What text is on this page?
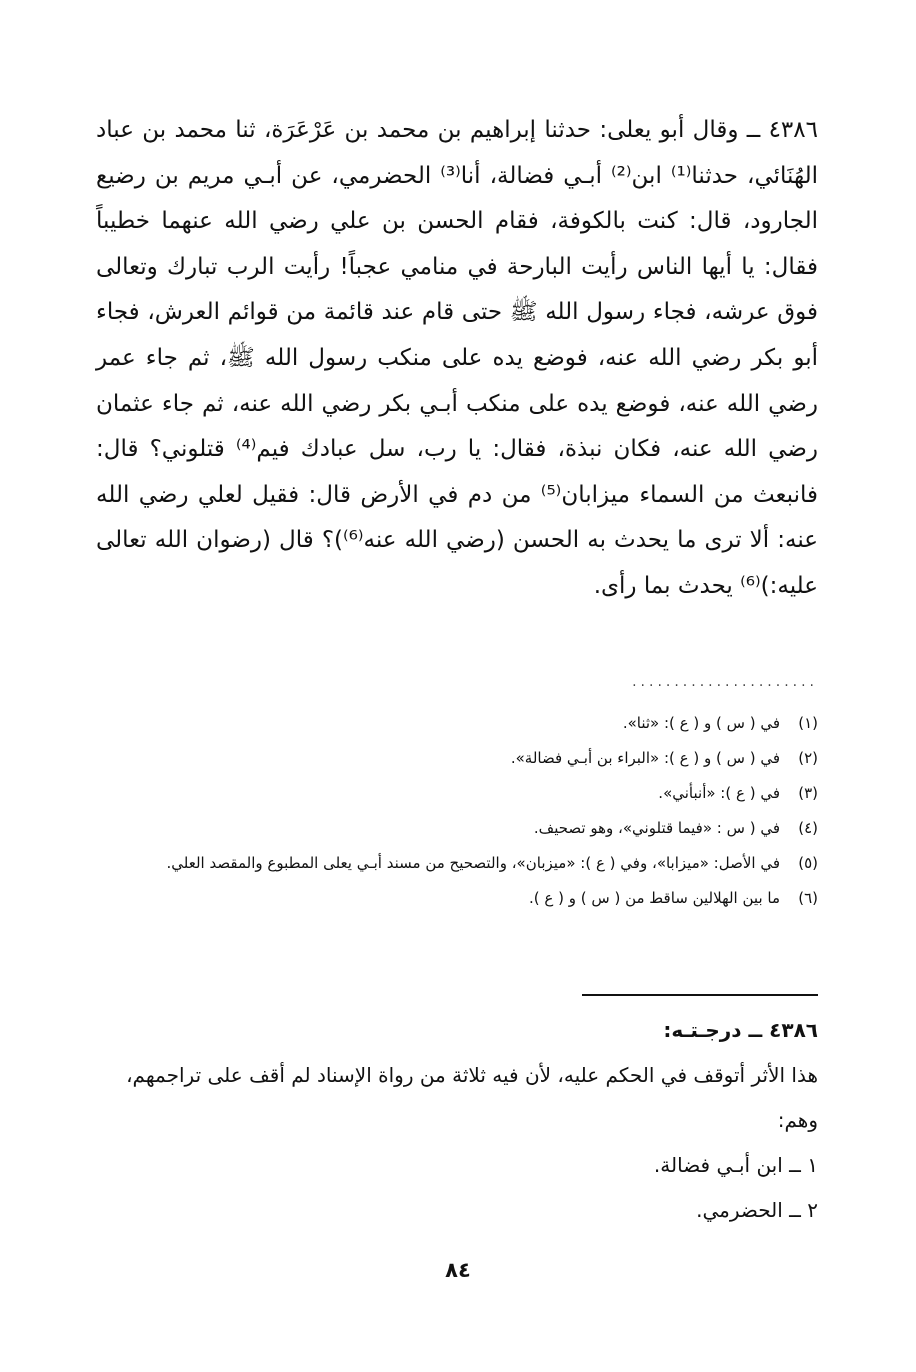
٤٣٨٦ ــ وقال أبو يعلى: حدثنا إبراهيم بن محمد بن عَرْعَرَة، ثنا محمد بن عباد الهُنَائي، حدثنا⁽¹⁾ ابن⁽²⁾ أبـي فضالة، أنا⁽³⁾ الحضرمي، عن أبـي مريم بن رضيع الجارود، قال: كنت بالكوفة، فقام الحسن بن علي رضي الله عنهما خطيباً فقال: يا أيها الناس رأيت البارحة في منامي عجباً! رأيت الرب تبارك وتعالى فوق عرشه، فجاء رسول الله ﷺ حتى قام عند قائمة من قوائم العرش، فجاء أبو بكر رضي الله عنه، فوضع يده على منكب رسول الله ﷺ، ثم جاء عمر رضي الله عنه، فوضع يده على منكب أبـي بكر رضي الله عنه، ثم جاء عثمان رضي الله عنه، فكان نبذة، فقال: يا رب، سل عبادك فيم⁽⁴⁾ قتلوني؟ قال: فانبعث من السماء ميزابان⁽⁵⁾ من دم في الأرض قال: فقيل لعلي رضي الله عنه: ألا ترى ما يحدث به الحسن (رضي الله عنه⁽⁶⁾)؟ قال (رضوان الله تعالى عليه:)⁽⁶⁾ يحدث بما رأى.

......................
(١)
في ( س ) و ( ع ): «ثنا».
(٢)
في ( س ) و ( ع ): «البراء بن أبـي فضالة».
(٣)
في ( ع ): «أنبأني».
(٤)
في ( س : «فيما قتلوني»، وهو تصحيف.
(٥)
في الأصل: «ميزابا»، وفي ( ع ): «ميزبان»، والتصحيح من مسند أبـي يعلى المطبوع والمقصد العلي.
(٦)
ما بين الهلالين ساقط من ( س ) و ( ع ).
٤٣٨٦ ــ درجـتـه:

هذا الأثر أتوقف في الحكم عليه، لأن فيه ثلاثة من رواة الإسناد لم أقف على تراجمهم، وهم:

١ ــ ابن أبـي فضالة.
٢ ــ الحضرمي.
٨٤
